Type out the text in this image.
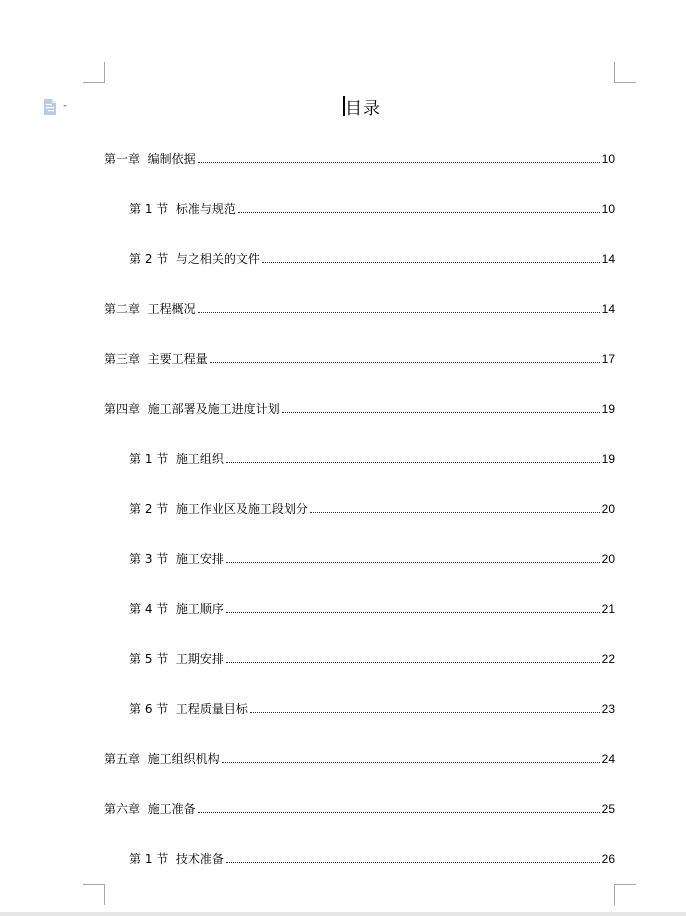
目录
第一章  编制依据	10
第 1 节  标准与规范	10
第 2 节  与之相关的文件	14
第二章  工程概况	14
第三章  主要工程量	17
第四章  施工部署及施工进度计划	19
第 1 节  施工组织	19
第 2 节  施工作业区及施工段划分	20
第 3 节  施工安排	20
第 4 节  施工顺序	21
第 5 节  工期安排	22
第 6 节  工程质量目标	23
第五章  施工组织机构	24
第六章  施工准备	25
第 1 节  技术准备	26
